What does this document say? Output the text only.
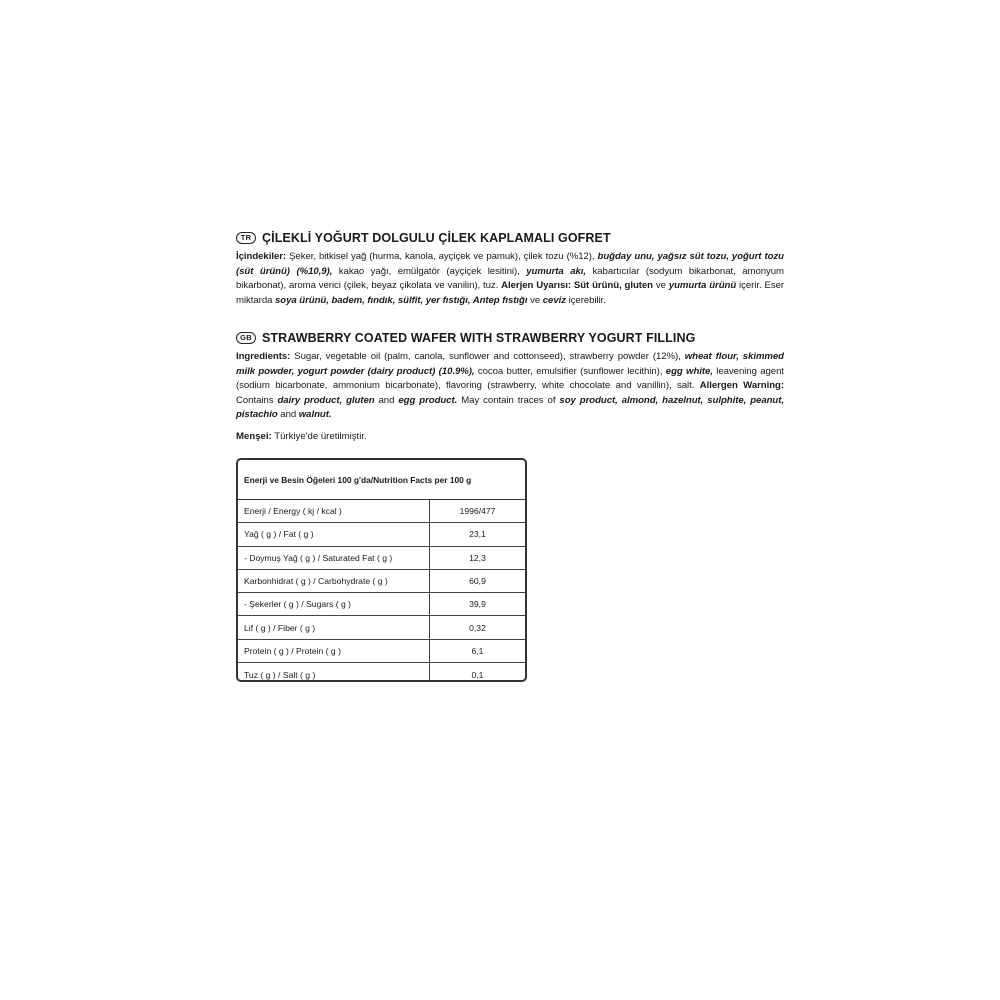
TR ÇİLEKLİ YOĞURT DOLGULU ÇİLEK KAPLAMALI GOFRET

İçindekiler: Şeker, bitkisel yağ (hurma, kanola, ayçiçek ve pamuk), çilek tozu (%12), buğday unu, yağsız süt tozu, yoğurt tozu (süt ürünü) (%10,9), kakao yağı, emülgatör (ayçiçek lesitini), yumurta akı, kabartıcılar (sodyum bikarbonat, amonyum bikarbonat), aroma verici (çilek, beyaz çikolata ve vanilin), tuz. Alerjen Uyarısı: Süt ürünü, gluten ve yumurta ürünü içerir. Eser miktarda soya ürünü, badem, fındık, sülfit, yer fıstığı, Antep fıstığı ve ceviz içerebilir.

GB STRAWBERRY COATED WAFER WITH STRAWBERRY YOGURT FILLING

Ingredients: Sugar, vegetable oil (palm, canola, sunflower and cottonseed), strawberry powder (12%), wheat flour, skimmed milk powder, yogurt powder (dairy product) (10.9%), cocoa butter, emulsifier (sunflower lecithin), egg white, leavening agent (sodium bicarbonate, ammonium bicarbonate), flavoring (strawberry, white chocolate and vanillin), salt. Allergen Warning: Contains dairy product, gluten and egg product. May contain traces of soy product, almond, hazelnut, sulphite, peanut, pistachio and walnut.

Menşei: Türkiye'de üretilmiştir.
Enerji ve Besin Öğeleri 100 g'da/Nutrition Facts per 100 g
Enerji / Energy ( kj / kcal )	1996/477
Yağ ( g ) / Fat ( g )	23,1
- Doymuş Yağ ( g ) / Saturated Fat ( g )	12,3
Karbonhidrat ( g ) / Carbohydrate ( g )	60,9
- Şekerler ( g ) / Sugars ( g )	39,9
Lif ( g ) / Fiber ( g )	0,32
Protein ( g ) / Protein ( g )	6,1
Tuz ( g ) / Salt ( g )	0,1
